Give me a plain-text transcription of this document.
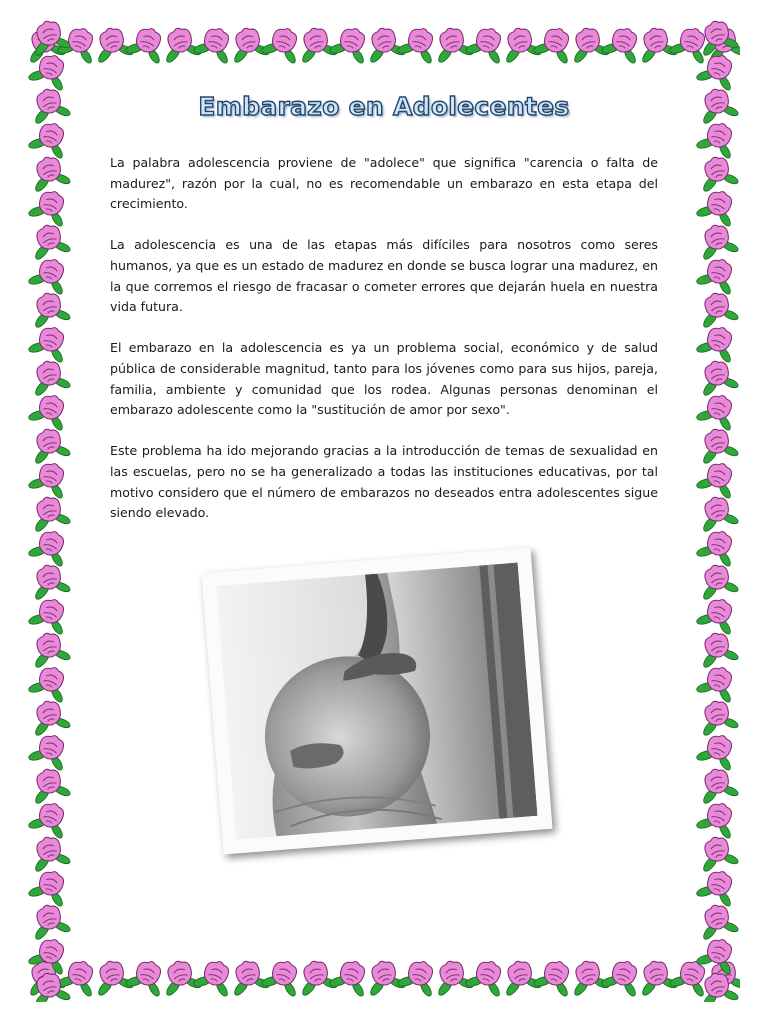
Embarazo en Adolecentes

La palabra adolescencia proviene de "adolece" que significa "carencia o falta de madurez", razón por la cual, no es recomendable un embarazo en esta etapa del crecimiento.

La adolescencia es una de las etapas más difíciles para nosotros como seres humanos, ya que es un estado de madurez en donde se busca lograr una madurez, en la que corremos el riesgo de fracasar o cometer errores que dejarán huela en nuestra vida futura.

El embarazo en la adolescencia es ya un problema social, económico y de salud pública de considerable magnitud, tanto para los jóvenes como para sus hijos, pareja, familia, ambiente y comunidad que los rodea. Algunas personas denominan el embarazo adolescente como la "sustitución de amor por sexo".

Este problema ha ido mejorando gracias a la introducción de temas de sexualidad en las escuelas, pero no se ha generalizado a todas las instituciones educativas, por tal motivo considero que el número de embarazos no deseados entra adolescentes sigue siendo elevado.
